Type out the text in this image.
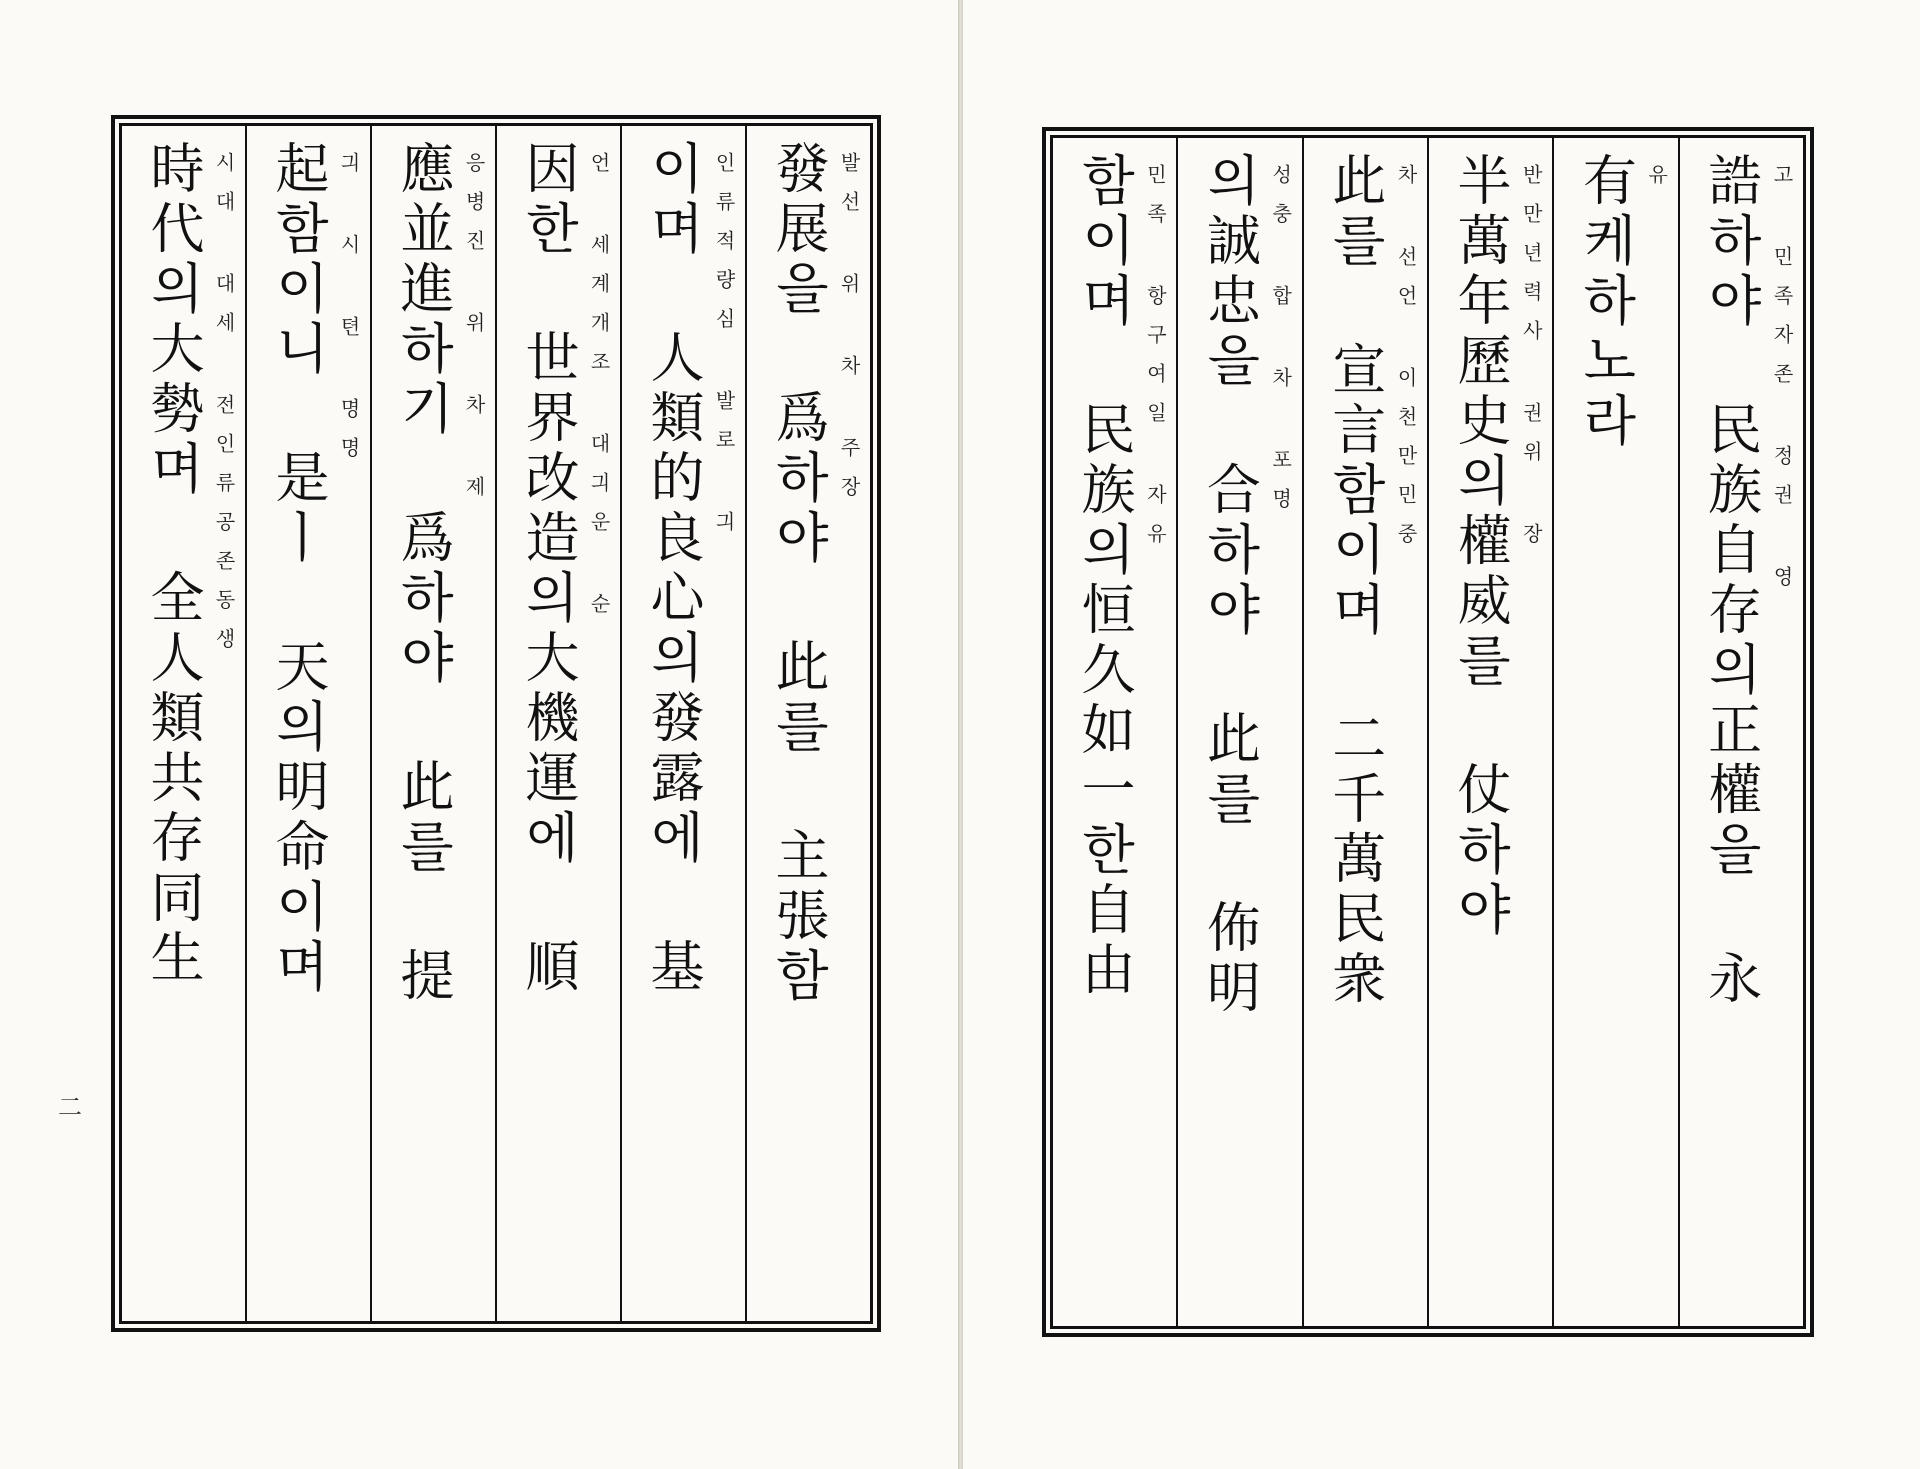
發展을 爲하야 此를 主張함 발선 위 차 주장
이며 人類的良心의發露에 基 인류적량심 발로 긔
因한 世界改造의大機運에 順 언 세계개조 대긔운 순
應並進하기 爲하야 此를 提 응병진 위 차 제
起함이니 是ㅣ 天의明命이며 긔 시 텬 명명
時代의大勢며 全人類共存同生 시대 대세 전인류공존동생
二
誥하야 民族自存의正權을 永 고 민족자존 정권 영
有케하노라 유
半萬年歷史의權威를 仗하야 반만년력사 권위 장
此를 宣言함이며 二千萬民衆 차 선언 이천만민중
의誠忠을 合하야 此를 佈明 성충 합 차 포명
함이며 民族의恒久如一한自由 민족 항구여일 자유
